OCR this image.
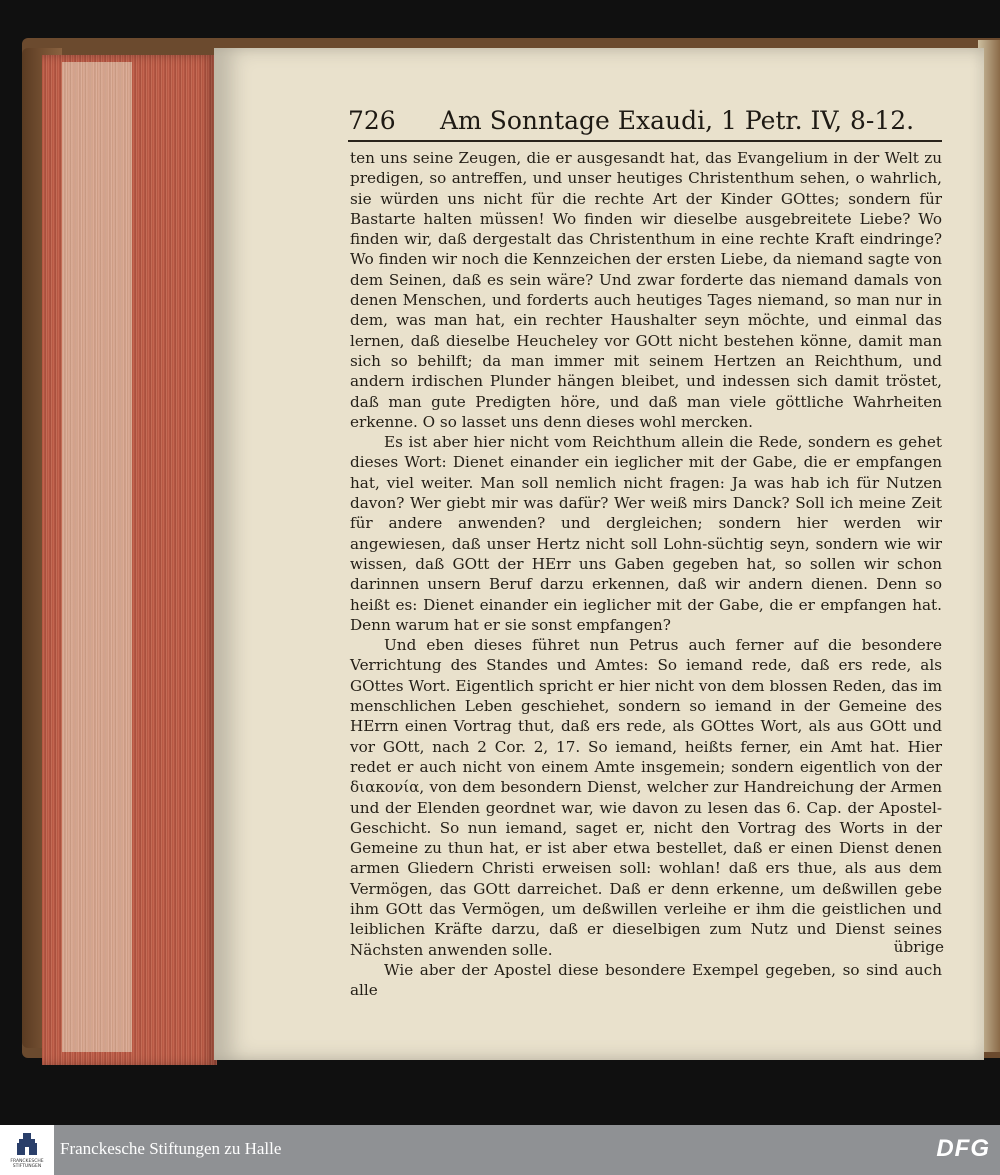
726 Am Sonntage Exaudi, 1 Petr. IV, 8-12.

ten uns seine Zeugen, die er ausgesandt hat, das Evangelium in der Welt zu predigen, so antreffen, und unser heutiges Christenthum sehen, o wahrlich, sie würden uns nicht für die rechte Art der Kinder GOttes; sondern für Bastarte halten müssen! Wo finden wir dieselbe ausgebreitete Liebe? Wo finden wir, daß dergestalt das Christenthum in eine rechte Kraft eindringe? Wo finden wir noch die Kennzeichen der ersten Liebe, da niemand sagte von dem Seinen, daß es sein wäre? Und zwar forderte das niemand damals von denen Menschen, und forderts auch heutiges Tages niemand, so man nur in dem, was man hat, ein rechter Haushalter seyn möchte, und einmal das lernen, daß dieselbe Heucheley vor GOtt nicht bestehen könne, damit man sich so behilft; da man immer mit seinem Hertzen an Reichthum, und andern irdischen Plunder hängen bleibet, und indessen sich damit tröstet, daß man gute Predigten höre, und daß man viele göttliche Wahrheiten erkenne. O so lasset uns denn dieses wohl mercken.

Es ist aber hier nicht vom Reichthum allein die Rede, sondern es gehet dieses Wort: Dienet einander ein ieglicher mit der Gabe, die er empfangen hat, viel weiter. Man soll nemlich nicht fragen: Ja was hab ich für Nutzen davon? Wer giebt mir was dafür? Wer weiß mirs Danck? Soll ich meine Zeit für andere anwenden? und dergleichen; sondern hier werden wir angewiesen, daß unser Hertz nicht soll Lohn-süchtig seyn, sondern wie wir wissen, daß GOtt der HErr uns Gaben gegeben hat, so sollen wir schon darinnen unsern Beruf darzu erkennen, daß wir andern dienen. Denn so heißt es: Dienet einander ein ieglicher mit der Gabe, die er empfangen hat. Denn warum hat er sie sonst empfangen?

Und eben dieses führet nun Petrus auch ferner auf die besondere Verrichtung des Standes und Amtes: So iemand rede, daß ers rede, als GOttes Wort. Eigentlich spricht er hier nicht von dem blossen Reden, das im menschlichen Leben geschiehet, sondern so iemand in der Gemeine des HErrn einen Vortrag thut, daß ers rede, als GOttes Wort, als aus GOtt und vor GOtt, nach 2 Cor. 2, 17. So iemand, heißts ferner, ein Amt hat. Hier redet er auch nicht von einem Amte insgemein; sondern eigentlich von der διακονία, von dem besondern Dienst, welcher zur Handreichung der Armen und der Elenden geordnet war, wie davon zu lesen das 6. Cap. der Apostel-Geschicht. So nun iemand, saget er, nicht den Vortrag des Worts in der Gemeine zu thun hat, er ist aber etwa bestellet, daß er einen Dienst denen armen Gliedern Christi erweisen soll: wohlan! daß ers thue, als aus dem Vermögen, das GOtt darreichet. Daß er denn erkenne, um deßwillen gebe ihm GOtt das Vermögen, um deßwillen verleihe er ihm die geistlichen und leiblichen Kräfte darzu, daß er dieselbigen zum Nutz und Dienst seines Nächsten anwenden solle.

Wie aber der Apostel diese besondere Exempel gegeben, so sind auch alle

übrige
FRANCKESCHE STIFTUNGEN
Franckesche Stiftungen zu Halle	DFG
